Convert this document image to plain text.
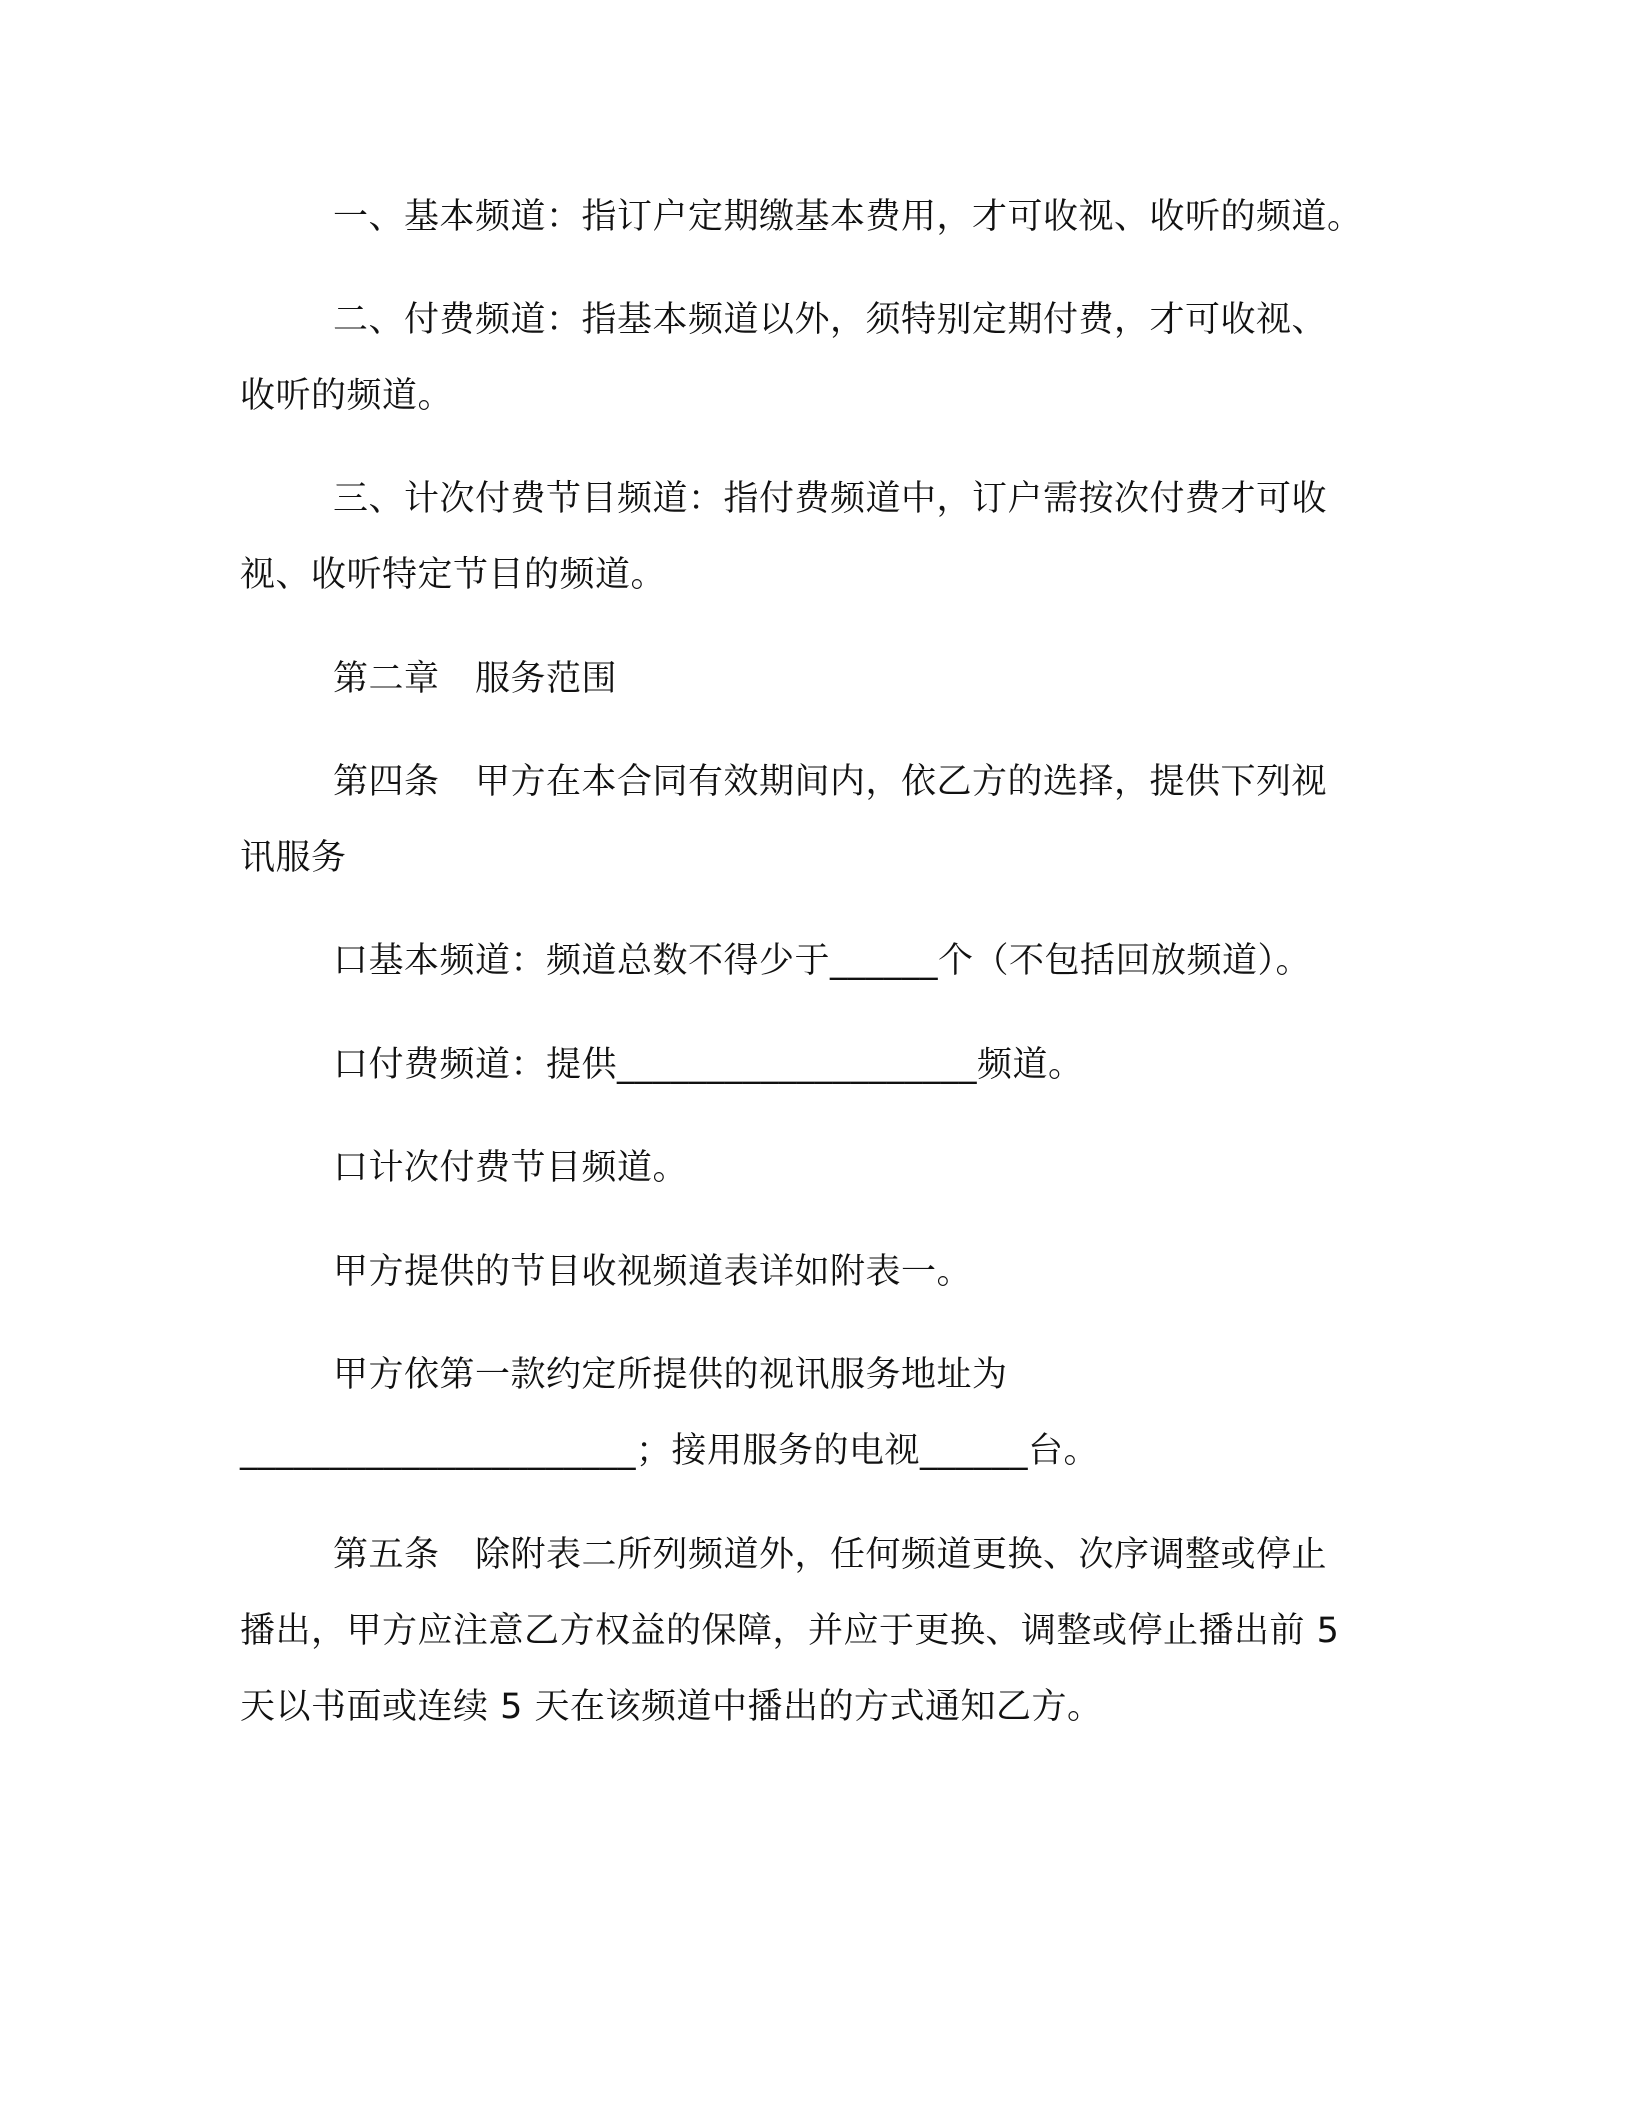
一、基本频道：指订户定期缴基本费用，才可收视、收听的频道。
二、付费频道：指基本频道以外，须特别定期付费，才可收视、
收听的频道。
三、计次付费节目频道：指付费频道中，订户需按次付费才可收
视、收听特定节目的频道。
第二章　服务范围
第四条　甲方在本合同有效期间内，依乙方的选择，提供下列视
讯服务
口基本频道：频道总数不得少于______个（不包括回放频道）。
口付费频道：提供____________________频道。
口计次付费节目频道。
甲方提供的节目收视频道表详如附表一。
甲方依第一款约定所提供的视讯服务地址为
______________________；接用服务的电视______台。
第五条　除附表二所列频道外，任何频道更换、次序调整或停止
播出，甲方应注意乙方权益的保障，并应于更换、调整或停止播出前 5
天以书面或连续 5 天在该频道中播出的方式通知乙方。
